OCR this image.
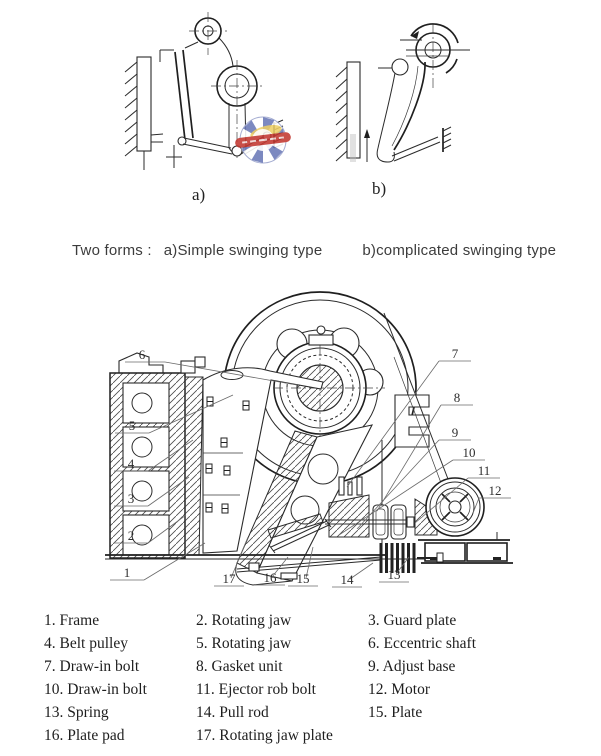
a)	b)
Two forms : a)Simple swinging type	b)complicated swinging type
1
2
3
4
5
6	7
8
9
10
11
12
13
14
15
16
17
1. Frame	2. Rotating jaw	3. Guard plate
4. Belt pulley	5. Rotating jaw	6. Eccentric shaft
7. Draw-in bolt	8. Gasket unit	9. Adjust base
10. Draw-in bolt	11. Ejector rob bolt	12. Motor
13. Spring	14. Pull rod	15. Plate
16. Plate pad	17. Rotating jaw plate
